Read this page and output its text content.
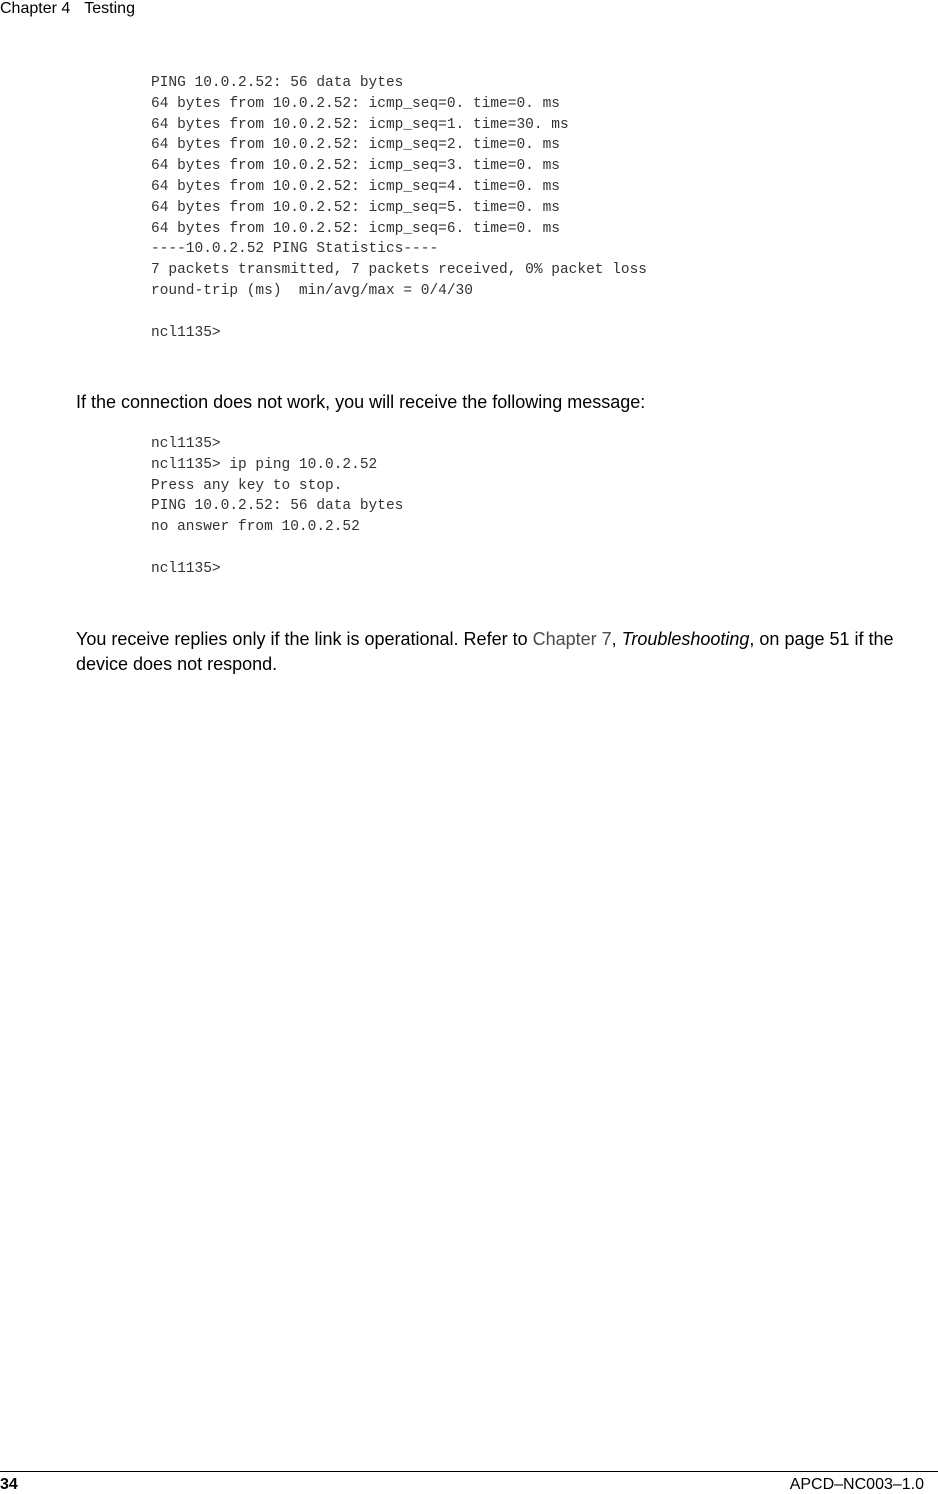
Chapter 4 Testing
PING 10.0.2.52: 56 data bytes
64 bytes from 10.0.2.52: icmp_seq=0. time=0. ms
64 bytes from 10.0.2.52: icmp_seq=1. time=30. ms
64 bytes from 10.0.2.52: icmp_seq=2. time=0. ms
64 bytes from 10.0.2.52: icmp_seq=3. time=0. ms
64 bytes from 10.0.2.52: icmp_seq=4. time=0. ms
64 bytes from 10.0.2.52: icmp_seq=5. time=0. ms
64 bytes from 10.0.2.52: icmp_seq=6. time=0. ms
----10.0.2.52 PING Statistics----
7 packets transmitted, 7 packets received, 0% packet loss
round-trip (ms)  min/avg/max = 0/4/30
ncl1135>

If the connection does not work, you will receive the following message:

ncl1135>
ncl1135> ip ping 10.0.2.52
Press any key to stop.
PING 10.0.2.52: 56 data bytes
no answer from 10.0.2.52
ncl1135>

You receive replies only if the link is operational. Refer to Chapter 7, Troubleshooting, on page 51 if the device does not respond.

34	APCD–NC003–1.0
